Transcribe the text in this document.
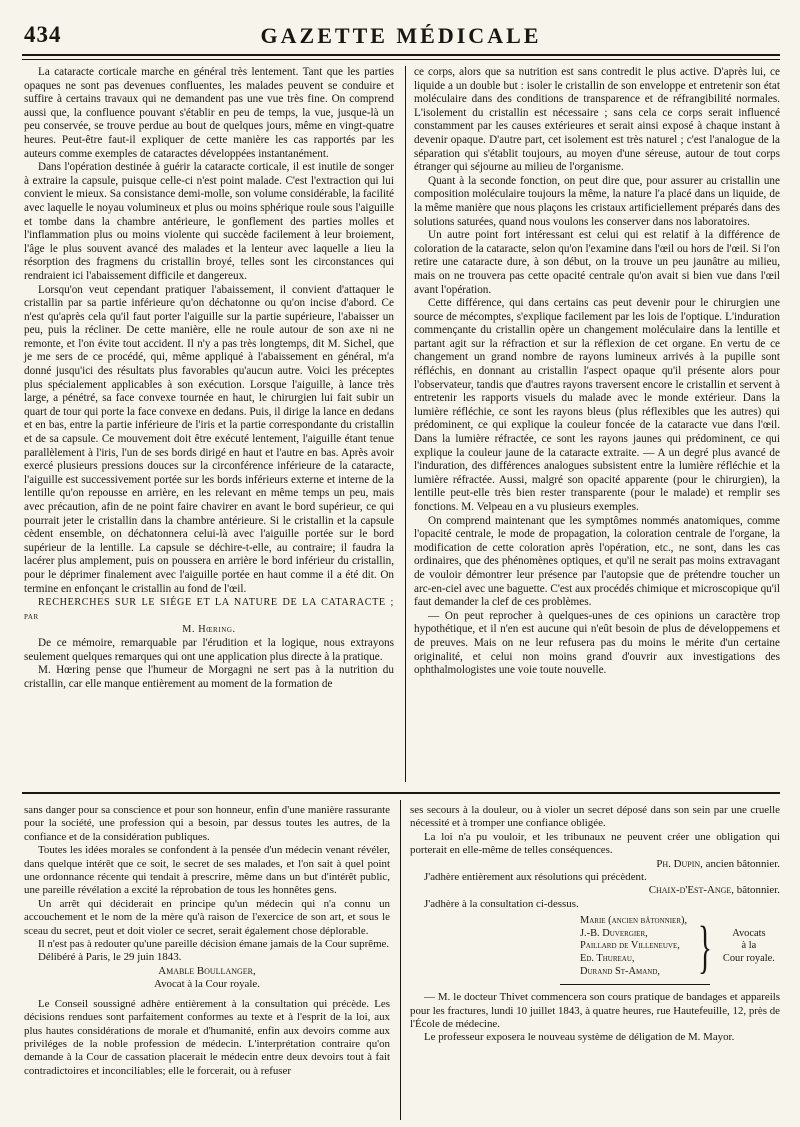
434	GAZETTE MÉDICALE

La cataracte corticale marche en général très lentement. Tant que les parties opaques ne sont pas devenues confluentes, les malades peuvent se conduire et suffire à certains travaux qui ne demandent pas une vue très fine. On comprend aussi que, la confluence pouvant s'établir en peu de temps, la vue, jusque-là un peu conservée, se trouve perdue au bout de quelques jours, même en vingt-quatre heures. Peut-être faut-il expliquer de cette manière les cas rapportés par les auteurs comme exemples de cataractes développées instantanément.

Dans l'opération destinée à guérir la cataracte corticale, il est inutile de songer à extraire la capsule, puisque celle-ci n'est point malade. C'est l'extraction qui lui convient le mieux. Sa consistance demi-molle, son volume considérable, la facilité avec laquelle le noyau volumineux et plus ou moins sphérique roule sous l'aiguille et tombe dans la chambre antérieure, le gonflement des parties molles et l'inflammation plus ou moins violente qui succède facilement à leur broiement, l'âge le plus souvent avancé des malades et la lenteur avec laquelle a lieu la résorption des fragmens du cristallin broyé, telles sont les circonstances qui rendraient ici l'abaissement difficile et dangereux.

Lorsqu'on veut cependant pratiquer l'abaissement, il convient d'attaquer le cristallin par sa partie inférieure qu'on déchatonne ou qu'on incise d'abord. Ce n'est qu'après cela qu'il faut porter l'aiguille sur la partie supérieure, l'abaisser un peu, puis la récliner. De cette manière, elle ne roule autour de son axe ni ne remonte, et l'on évite tout accident. Il n'y a pas très longtemps, dit M. Sichel, que je me sers de ce procédé, qui, même appliqué à l'abaissement en général, m'a donné jusqu'ici des résultats plus favorables qu'aucun autre. Voici les préceptes plus spécialement applicables à son exécution. Lorsque l'aiguille, à lance très large, a pénétré, sa face convexe tournée en haut, le chirurgien lui fait subir un quart de tour qui porte la face convexe en dedans. Puis, il dirige la lance en dedans et en bas, entre la partie inférieure de l'iris et la partie correspondante du cristallin et de sa capsule. Ce mouvement doit être exécuté lentement, l'aiguille étant tenue parallèlement à l'iris, l'un de ses bords dirigé en haut et l'autre en bas. Après avoir exercé plusieurs pressions douces sur la circonférence inférieure de la cataracte, l'aiguille est successivement portée sur les bords inférieurs externe et interne de la lentille qu'on repousse en arrière, en les relevant en même temps un peu, mais avec précaution, afin de ne point faire chavirer en avant le bord supérieur, ce qui pourrait jeter le cristallin dans la chambre antérieure. Si le cristallin et la capsule cèdent ensemble, on déchatonnera celui-là avec l'aiguille portée sur le bord supérieur de la lentille. La capsule se déchire-t-elle, au contraire; il faudra la lacérer plus amplement, puis on poussera en arrière le bord inférieur du cristallin, pour le déprimer finalement avec l'aiguille portée en haut comme il a été dit. On termine en enfonçant le cristallin au fond de l'œil.

RECHERCHES SUR LE SIÉGE ET LA NATURE DE LA CATARACTE ; par
M. Hœring.

De ce mémoire, remarquable par l'érudition et la logique, nous extrayons seulement quelques remarques qui ont une application plus directe à la pratique.

M. Hœring pense que l'humeur de Morgagni ne sert pas à la nutrition du cristallin, car elle manque entièrement au moment de la formation de

ce corps, alors que sa nutrition est sans contredit le plus active. D'après lui, ce liquide a un double but : isoler le cristallin de son enveloppe et entretenir son état moléculaire dans des conditions de transparence et de réfrangibilité normales. L'isolement du cristallin est nécessaire ; sans cela ce corps serait influencé constamment par les causes extérieures et serait ainsi exposé à chaque instant à devenir opaque. D'autre part, cet isolement est très naturel ; c'est l'analogue de la séparation qui s'établit toujours, au moyen d'une séreuse, autour de tout corps étranger qui séjourne au milieu de l'organisme.

Quant à la seconde fonction, on peut dire que, pour assurer au cristallin une composition moléculaire toujours la même, la nature l'a placé dans un liquide, de la même manière que nous plaçons les cristaux artificiellement préparés dans des solutions saturées, quand nous voulons les conserver dans nos laboratoires.

Un autre point fort intéressant est celui qui est relatif à la différence de coloration de la cataracte, selon qu'on l'examine dans l'œil ou hors de l'œil. Si l'on retire une cataracte dure, à son début, on la trouve un peu jaunâtre au milieu, mais on ne trouvera pas cette opacité centrale qu'on avait si bien vue dans l'œil avant l'opération.

Cette différence, qui dans certains cas peut devenir pour le chirurgien une source de mécomptes, s'explique facilement par les lois de l'optique. L'induration commençante du cristallin opère un changement moléculaire dans la lentille et partant agit sur la réfraction et sur la réflexion de cet organe. En vertu de ce changement un grand nombre de rayons lumineux arrivés à la pupille sont réfléchis, en donnant au cristallin l'aspect opaque qu'il présente alors pour l'observateur, tandis que d'autres rayons traversent encore le cristallin et servent à entretenir les rapports visuels du malade avec le monde extérieur. Dans la lumière réfléchie, ce sont les rayons bleus (plus réflexibles que les autres) qui prédominent, ce qui explique la couleur foncée de la cataracte vue dans l'œil. Dans la lumière réfractée, ce sont les rayons jaunes qui prédominent, ce qui explique la couleur jaune de la cataracte extraite. — A un degré plus avancé de l'induration, des différences analogues subsistent entre la lumière réfléchie et la lumière réfractée. Aussi, malgré son opacité apparente (pour le chirurgien), la lentille peut-elle très bien rester transparente (pour le malade) et remplir ses fonctions. M. Velpeau en a vu plusieurs exemples.

On comprend maintenant que les symptômes nommés anatomiques, comme l'opacité centrale, le mode de propagation, la coloration centrale de l'organe, la modification de cette coloration après l'opération, etc., ne sont, dans les cas ordinaires, que des phénomènes optiques, et qu'il ne serait pas moins extravagant de vouloir démontrer leur présence par l'autopsie que de prétendre toucher un arc-en-ciel avec une baguette. C'est aux procédés chimique et microscopique qu'il faut demander la clef de ces problèmes.

— On peut reprocher à quelques-unes de ces opinions un caractère trop hypothétique, et il n'en est aucune qui n'eût besoin de plus de développemens et de preuves. Mais on ne leur refusera pas du moins le mérite d'un certaine originalité, et celui non moins grand d'ouvrir aux investigations des ophthalmologistes une voie toute nouvelle.

sans danger pour sa conscience et pour son honneur, enfin d'une manière rassurante pour la société, une profession qui a besoin, par dessus toutes les autres, de la confiance et de la considération publiques.

Toutes les idées morales se confondent à la pensée d'un médecin venant révéler, dans quelque intérêt que ce soit, le secret de ses malades, et l'on sait à quel point une ordonnance récente qui tendait à prescrire, même dans un but d'intérêt public, une pareille révélation a excité la réprobation de tous les honnêtes gens.

Un arrêt qui déciderait en principe qu'un médecin qui n'a connu un accouchement et le nom de la mère qu'à raison de l'exercice de son art, et sous le sceau du secret, peut et doit violer ce secret, serait également chose déplorable.

Il n'est pas à redouter qu'une pareille décision émane jamais de la Cour suprême.

Délibéré à Paris, le 29 juin 1843.

Amable Boullanger,
Avocat à la Cour royale.

Le Conseil soussigné adhère entièrement à la consultation qui précède. Les décisions rendues sont parfaitement conformes au texte et à l'esprit de la loi, aux plus hautes considérations de morale et d'humanité, enfin aux devoirs comme aux priviléges de la noble profession de médecin. L'interprétation contraire qu'on demande à la Cour de cassation placerait le médecin entre deux devoirs tout à fait contradictoires et inconciliables; elle le forcerait, ou à refuser

ses secours à la douleur, ou à violer un secret déposé dans son sein par une cruelle nécessité et à tromper une confiance obligée.

La loi n'a pu vouloir, et les tribunaux ne peuvent créer une obligation qui porterait en elle-même de telles conséquences.

Ph. Dupin, ancien bâtonnier.

J'adhère entièrement aux résolutions qui précèdent.

Chaix-d'Est-Ange, bâtonnier.

J'adhère à la consultation ci-dessus.

Marie (ancien bâtonnier),
J.-B. Duvergier,
Paillard de Villeneuve,
Ed. Thureau,
Durand St-Amand, }	Avocats
à la
Cour royale.

— M. le docteur Thivet commencera son cours pratique de bandages et appareils pour les fractures, lundi 10 juillet 1843, à quatre heures, rue Hautefeuille, 12, près de l'École de médecine.

Le professeur exposera le nouveau système de déligation de M. Mayor.
